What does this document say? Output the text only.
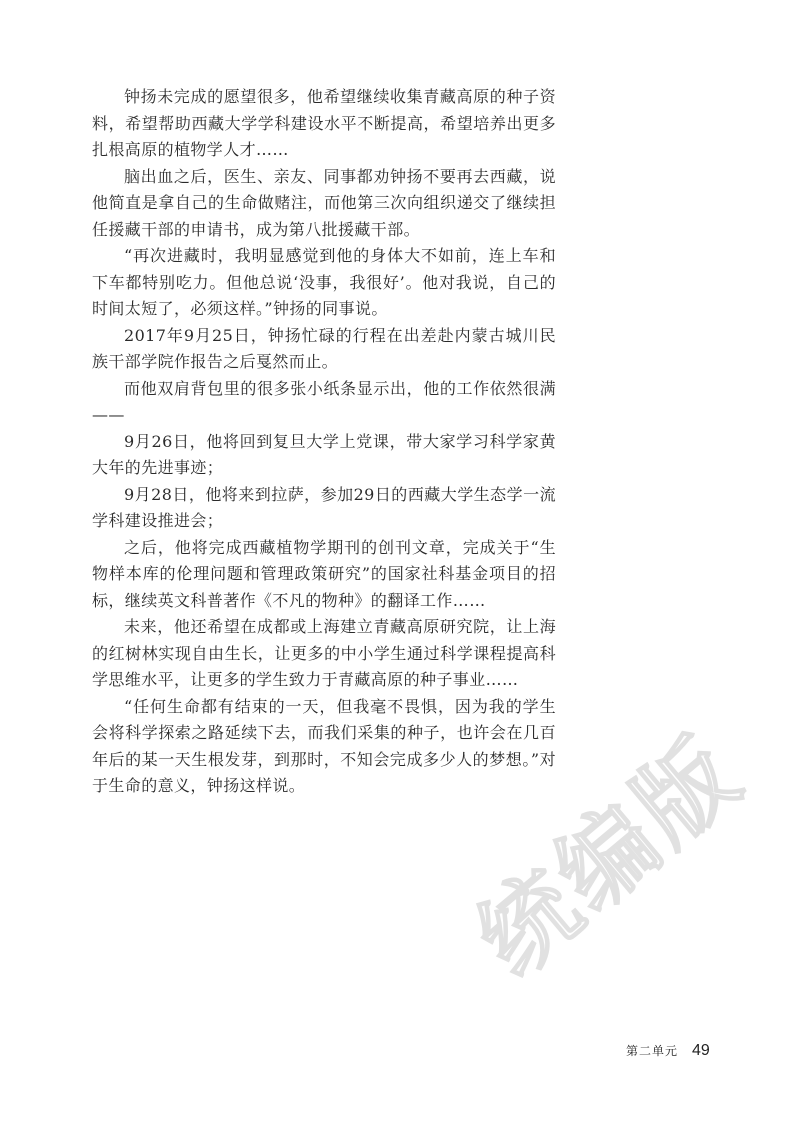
钟扬未完成的愿望很多，他希望继续收集青藏高原的种子资料，希望帮助西藏大学学科建设水平不断提高，希望培养出更多扎根高原的植物学人才……

脑出血之后，医生、亲友、同事都劝钟扬不要再去西藏，说他简直是拿自己的生命做赌注，而他第三次向组织递交了继续担任援藏干部的申请书，成为第八批援藏干部。

“再次进藏时，我明显感觉到他的身体大不如前，连上车和下车都特别吃力。但他总说‘没事，我很好’。他对我说，自己的时间太短了，必须这样。”钟扬的同事说。

2017年9月25日，钟扬忙碌的行程在出差赴内蒙古城川民族干部学院作报告之后戛然而止。

而他双肩背包里的很多张小纸条显示出，他的工作依然很满——

9月26日，他将回到复旦大学上党课，带大家学习科学家黄大年的先进事迹；

9月28日，他将来到拉萨，参加29日的西藏大学生态学一流学科建设推进会；

之后，他将完成西藏植物学期刊的创刊文章，完成关于“生物样本库的伦理问题和管理政策研究”的国家社科基金项目的招标，继续英文科普著作《不凡的物种》的翻译工作……

未来，他还希望在成都或上海建立青藏高原研究院，让上海的红树林实现自由生长，让更多的中小学生通过科学课程提高科学思维水平，让更多的学生致力于青藏高原的种子事业……

“任何生命都有结束的一天，但我毫不畏惧，因为我的学生会将科学探索之路延续下去，而我们采集的种子，也许会在几百年后的某一天生根发芽，到那时，不知会完成多少人的梦想。”对于生命的意义，钟扬这样说。	统编版
第二单元 49
